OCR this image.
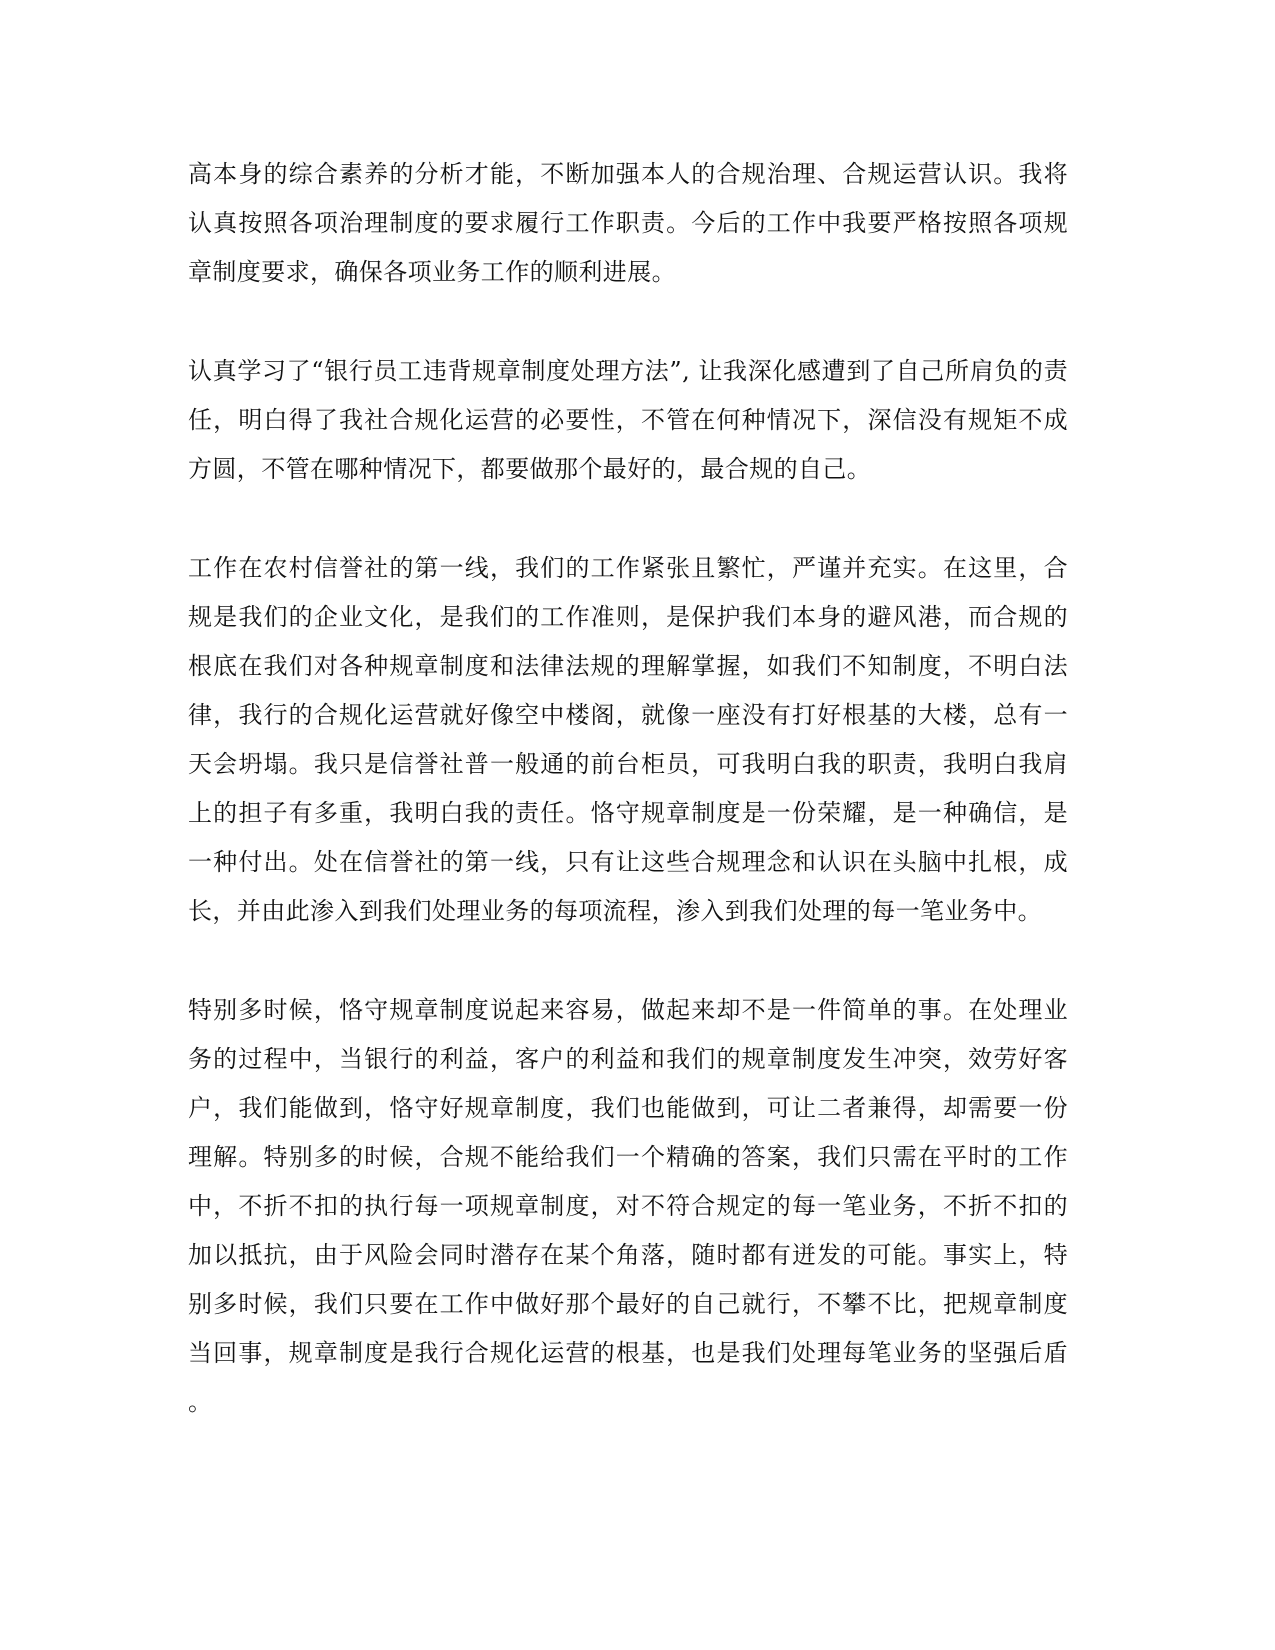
高本身的综合素养的分析才能，不断加强本人的合规治理、合规运营认识。我将
认真按照各项治理制度的要求履行工作职责。今后的工作中我要严格按照各项规
章制度要求，确保各项业务工作的顺利进展。

认真学习了“银行员工违背规章制度处理方法”, 让我深化感遭到了自己所肩负的责
任，明白得了我社合规化运营的必要性，不管在何种情况下，深信没有规矩不成
方圆，不管在哪种情况下，都要做那个最好的，最合规的自己。

工作在农村信誉社的第一线，我们的工作紧张且繁忙，严谨并充实。在这里，合
规是我们的企业文化，是我们的工作准则，是保护我们本身的避风港，而合规的
根底在我们对各种规章制度和法律法规的理解掌握，如我们不知制度，不明白法
律，我行的合规化运营就好像空中楼阁，就像一座没有打好根基的大楼，总有一
天会坍塌。我只是信誉社普一般通的前台柜员，可我明白我的职责，我明白我肩
上的担子有多重，我明白我的责任。恪守规章制度是一份荣耀，是一种确信，是
一种付出。处在信誉社的第一线，只有让这些合规理念和认识在头脑中扎根，成
长，并由此渗入到我们处理业务的每项流程，渗入到我们处理的每一笔业务中。

特别多时候，恪守规章制度说起来容易，做起来却不是一件简单的事。在处理业
务的过程中，当银行的利益，客户的利益和我们的规章制度发生冲突，效劳好客
户，我们能做到，恪守好规章制度，我们也能做到，可让二者兼得，却需要一份
理解。特别多的时候，合规不能给我们一个精确的答案，我们只需在平时的工作
中，不折不扣的执行每一项规章制度，对不符合规定的每一笔业务，不折不扣的
加以抵抗，由于风险会同时潜存在某个角落，随时都有迸发的可能。事实上，特
别多时候，我们只要在工作中做好那个最好的自己就行，不攀不比，把规章制度
当回事，规章制度是我行合规化运营的根基，也是我们处理每笔业务的坚强后盾
。
